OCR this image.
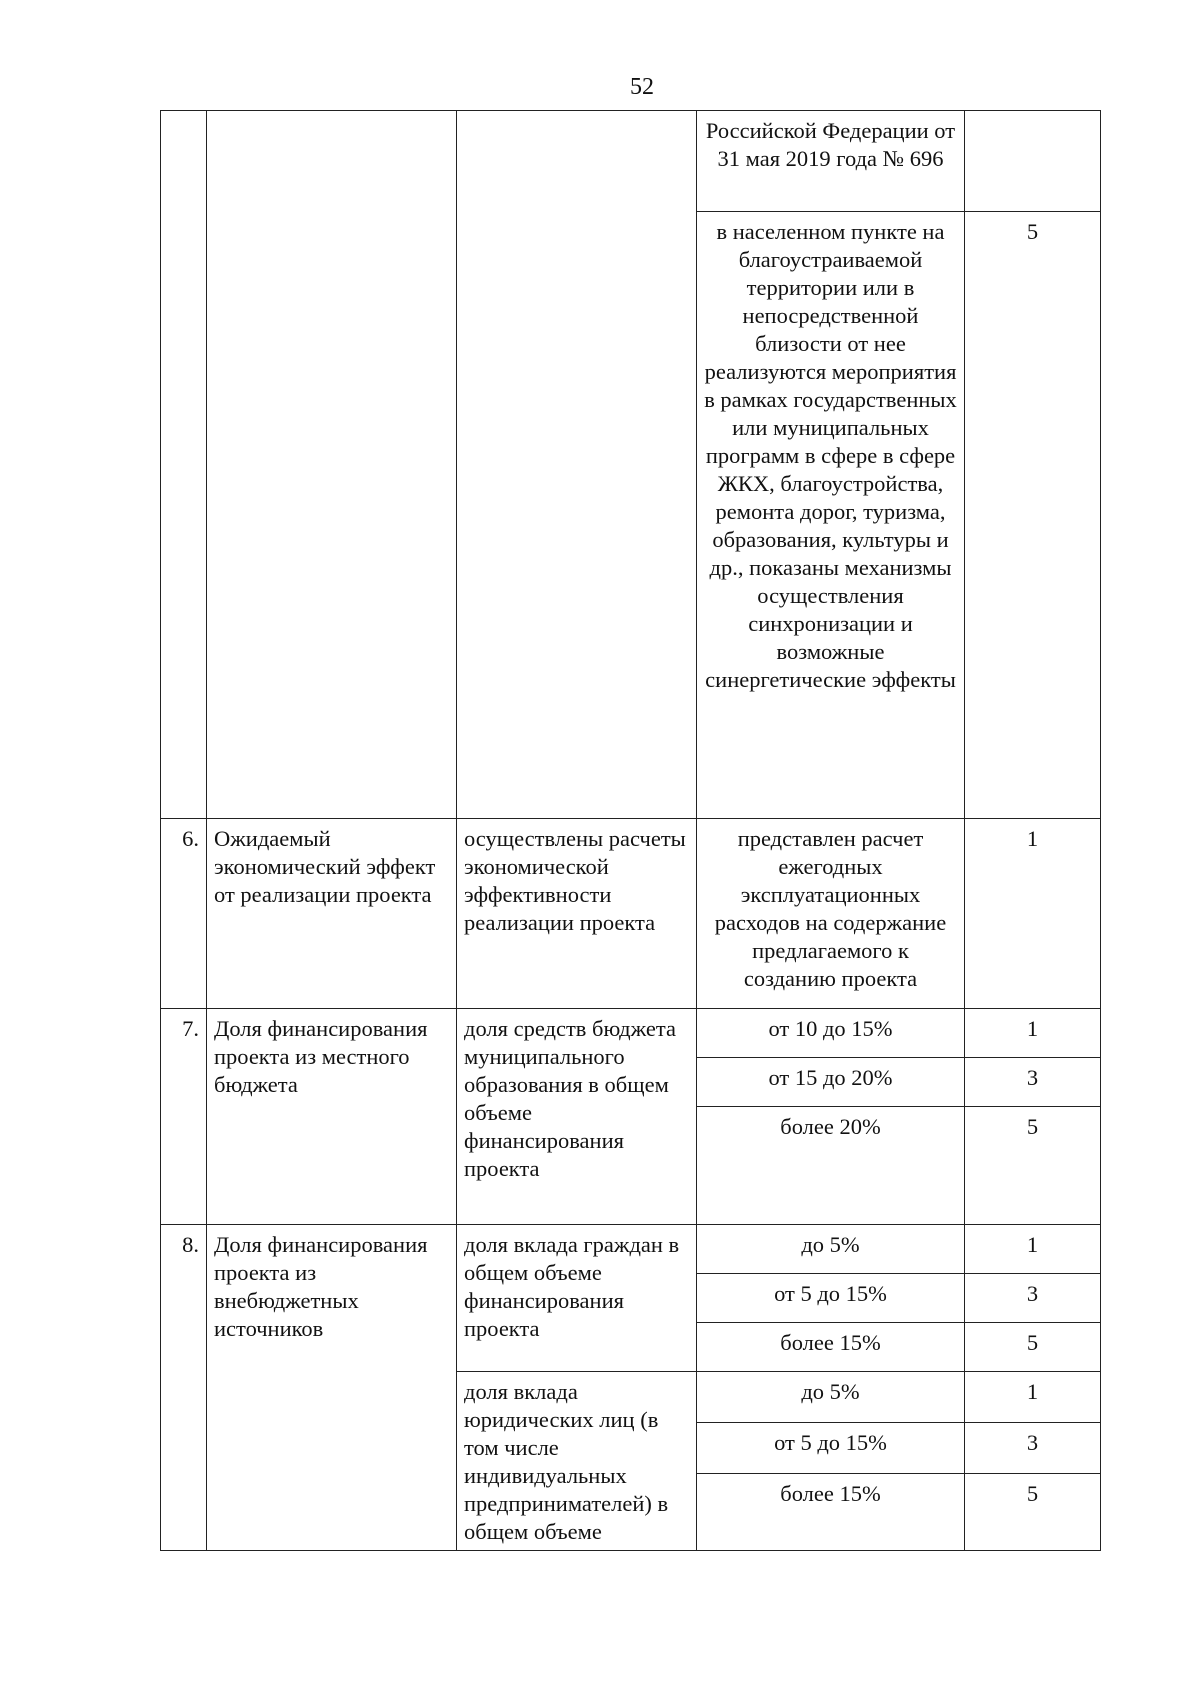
52
			Российской Федерации от 31 мая 2019 года № 696	
			в населенном пункте на благоустраиваемой территории или в непосредственной близости от нее реализуются мероприятия в рамках государственных или муниципальных программ в сфере в сфере ЖКХ, благоустройства, ремонта дорог, туризма, образования, культуры и др., показаны механизмы осуществления синхронизации и возможные синергетические эффекты	5
6.	Ожидаемый экономический эффект от реализации проекта	осуществлены расчеты экономической эффективности реализации проекта	представлен расчет ежегодных эксплуатационных расходов на содержание предлагаемого к созданию проекта	1
7.	Доля финансирования проекта из местного бюджета	доля средств бюджета муниципального образования в общем объеме финансирования проекта	от 10 до 15%	1
			от 15 до 20%	3
			более 20%	5
8.	Доля финансирования проекта из внебюджетных источников	доля вклада граждан в общем объеме финансирования проекта	до 5%	1
			от 5 до 15%	3
			более 15%	5
		доля вклада юридических лиц (в том числе индивидуальных предпринимателей) в общем объеме	до 5%	1
			от 5 до 15%	3
			более 15%	5
